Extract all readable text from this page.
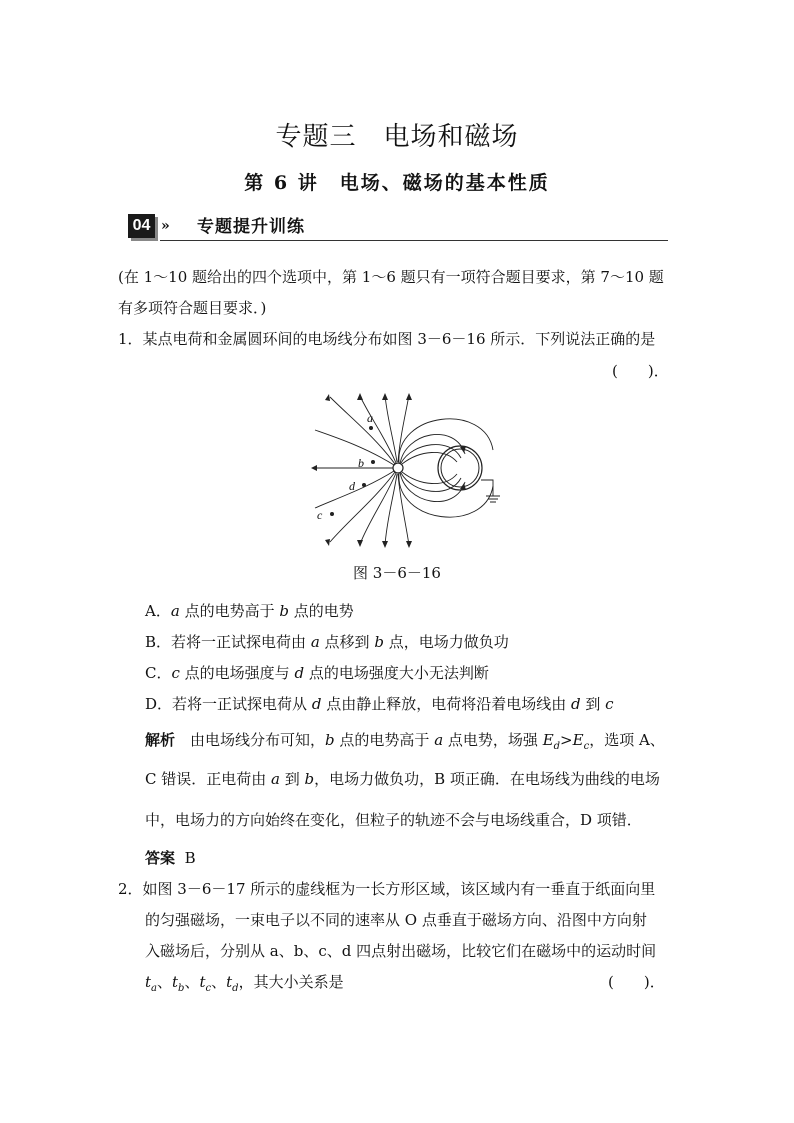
专题三　电场和磁场
第 6 讲　电场、磁场的基本性质
04 » 专题提升训练
(在 1～10 题给出的四个选项中，第 1～6 题只有一项符合题目要求，第 7～10 题
有多项符合题目要求．)
1．某点电荷和金属圆环间的电场线分布如图 3－6－16 所示．下列说法正确的是
(　　)．
a
b
d
c
图 3－6－16
A．a 点的电势高于 b 点的电势
B．若将一正试探电荷由 a 点移到 b 点，电场力做负功
C．c 点的电场强度与 d 点的电场强度大小无法判断
D．若将一正试探电荷从 d 点由静止释放，电荷将沿着电场线由 d 到 c
解析　由电场线分布可知，b 点的电势高于 a 点电势，场强 $E_d>E_c$，选项 A、
C 错误．正电荷由 a 到 b，电场力做负功，B 项正确．在电场线为曲线的电场
中，电场力的方向始终在变化，但粒子的轨迹不会与电场线重合，D 项错．
答案 B
2．如图 3－6－17 所示的虚线框为一长方形区域，该区域内有一垂直于纸面向里
的匀强磁场，一束电子以不同的速率从 O 点垂直于磁场方向、沿图中方向射
入磁场后，分别从 a、b、c、d 四点射出磁场，比较它们在磁场中的运动时间
$t_a$、$t_b$、$t_c$、$t_d$，其大小关系是	(　　)．
